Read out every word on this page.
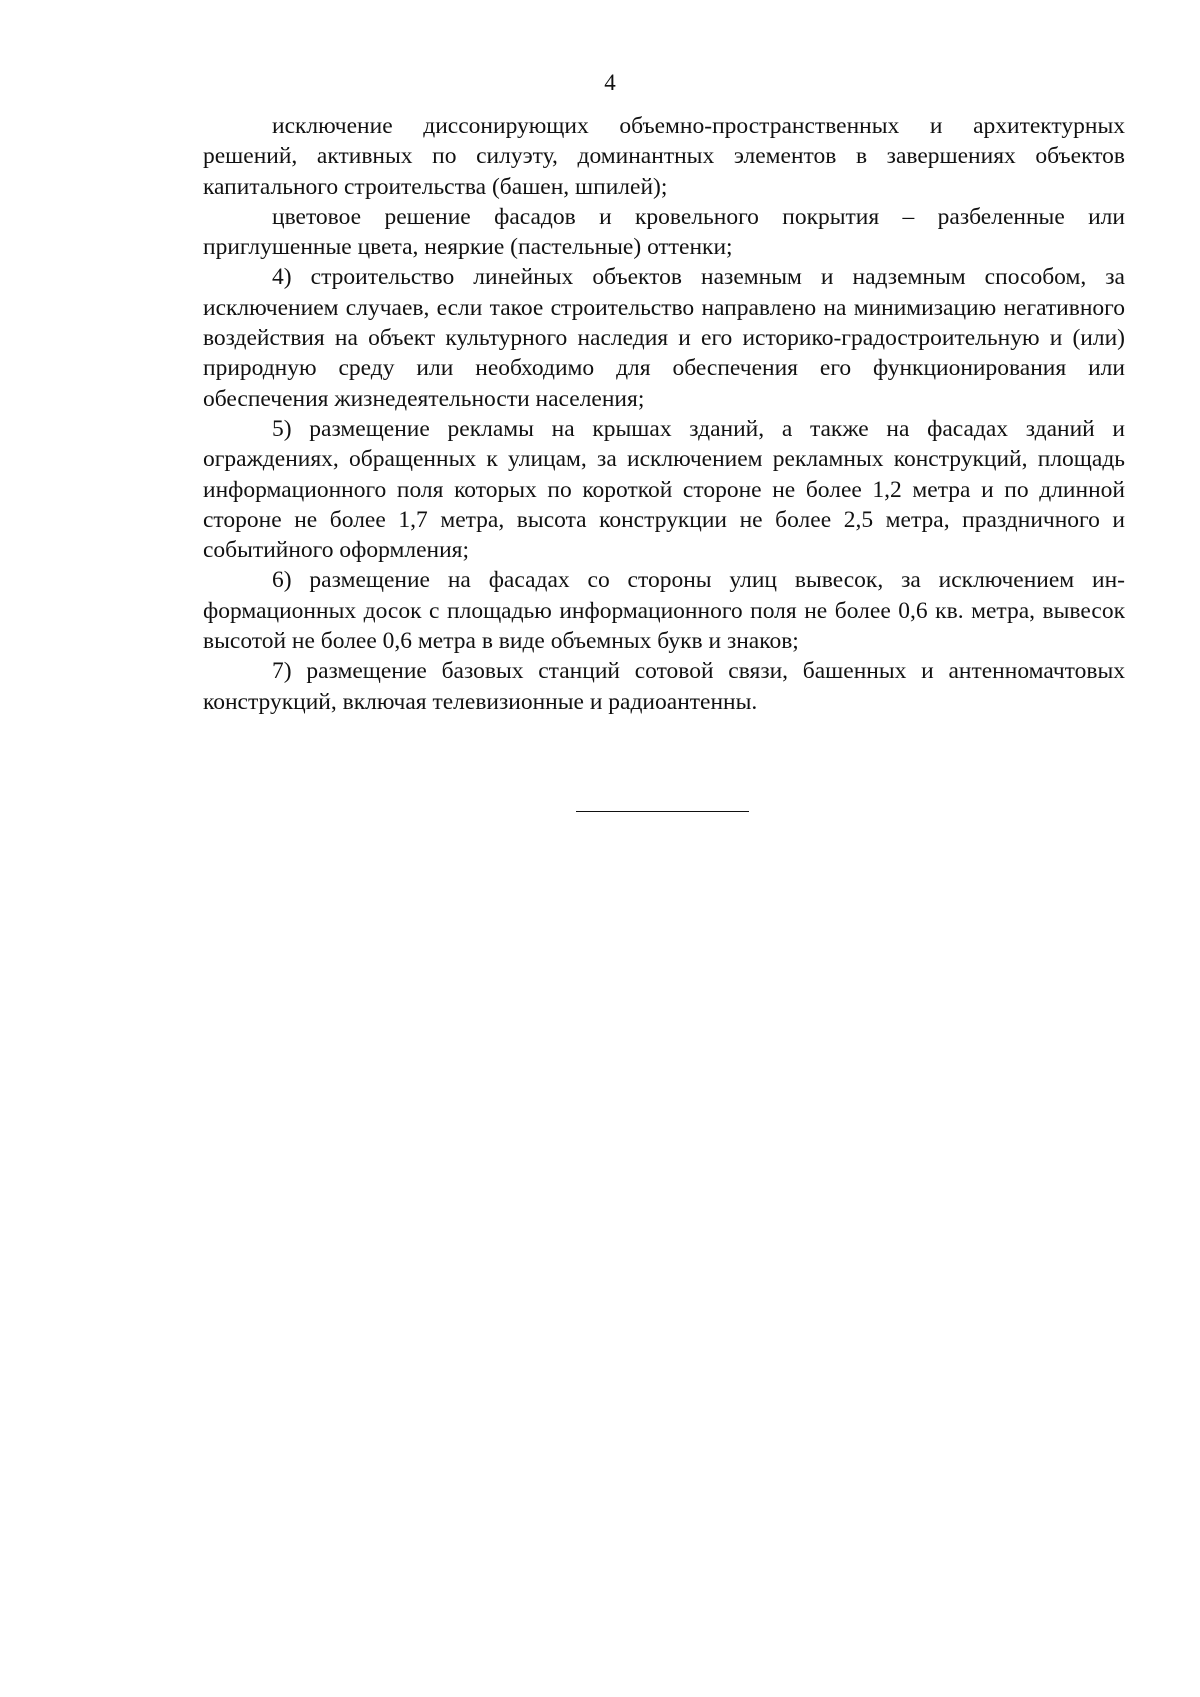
4

исключение диссонирующих объемно-пространственных и архитектурных решений, активных по силуэту, доминантных элементов в завершениях объектов капитального строительства (башен, шпилей);

цветовое решение фасадов и кровельного покрытия – разбеленные или приглушенные цвета, неяркие (пастельные) оттенки;

4) строительство линейных объектов наземным и надземным способом, за исключением случаев, если такое строительство направлено на минимизацию негативного воздействия на объект культурного наследия и его историко-градостроительную и (или) природную среду или необходимо для обеспечения его функционирования или обеспечения жизнедеятельности населения;

5) размещение рекламы на крышах зданий, а также на фасадах зданий и ограждениях, обращенных к улицам, за исключением рекламных конструкций, площадь информационного поля которых по короткой стороне не более 1,2 метра и по длинной стороне не более 1,7 метра, высота конструкции не более 2,5 метра, праздничного и событийного оформления;

6) размещение на фасадах со стороны улиц вывесок, за исключением информационных досок с площадью информационного поля не более 0,6 кв. метра, вывесок высотой не более 0,6 метра в виде объемных букв и знаков;

7) размещение базовых станций сотовой связи, башенных и антенномачтовых конструкций, включая телевизионные и радиоантенны.
